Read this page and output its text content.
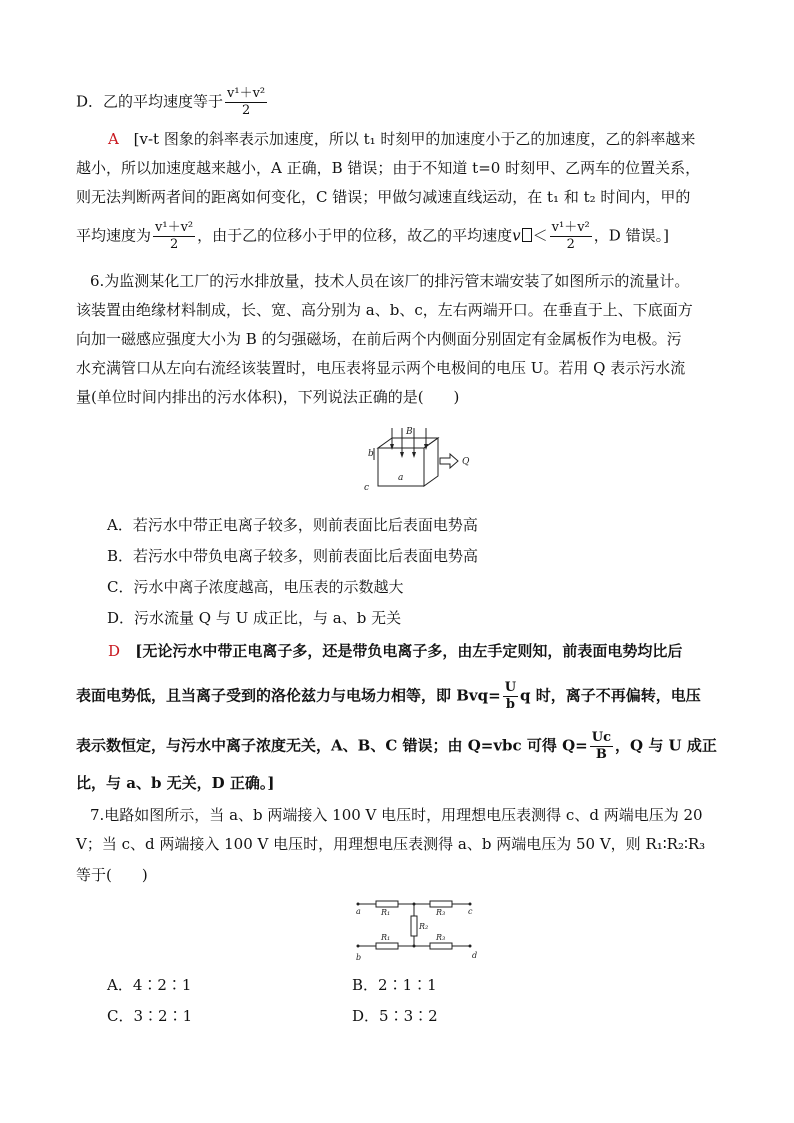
D．乙的平均速度等于 $\frac{\text{v¹＋v²}}{2}$
A [v-t 图象的斜率表示加速度，所以 t₁ 时刻甲的加速度小于乙的加速度，乙的斜率越来
越小，所以加速度越来越小，A 正确，B 错误；由于不知道 t=0 时刻甲、乙两车的位置关系，
则无法判断两者间的距离如何变化，C 错误；甲做匀减速直线运动，在 t₁ 和 t₂ 时间内，甲的
平均速度为 $\frac{\text{v¹＋v²}}{2}$ ，由于乙的位移小于甲的位移，故乙的平均速度$v < \frac{\text{v¹＋v²}}{2}$ ，D 错误。]
6.为监测某化工厂的污水排放量，技术人员在该厂的排污管末端安装了如图所示的流量计。
该装置由绝缘材料制成，长、宽、高分别为 a、b、c，左右两端开口。在垂直于上、下底面方
向加一磁感应强度大小为 B 的匀强磁场，在前后两个内侧面分别固定有金属板作为电极。污
水充满管口从左向右流经该装置时，电压表将显示两个电极间的电压 U。若用 Q 表示污水流
量(单位时间内排出的污水体积)，下列说法正确的是(　　)
B
b
a
c
Q
A．若污水中带正电离子较多，则前表面比后表面电势高
B．若污水中带负电离子较多，则前表面比后表面电势高
C．污水中离子浓度越高，电压表的示数越大
D．污水流量 Q 与 U 成正比，与 a、b 无关
D [无论污水中带正电离子多，还是带负电离子多，由左手定则知，前表面电势均比后
表面电势低，且当离子受到的洛伦兹力与电场力相等，即 $Bvq= \frac{U}{b}$ q 时，离子不再偏转，电压
表示数恒定，与污水中离子浓度无关，A、B、C 错误；由 Q=vbc 可得 $Q= \frac{Uc}{B}$ ，Q 与 U 成正
比，与 a、b 无关，D 正确。]
7.电路如图所示，当 a、b 两端接入 100 V 电压时，用理想电压表测得 c、d 两端电压为 20
V；当 c、d 两端接入 100 V 电压时，用理想电压表测得 a、b 两端电压为 50 V，则 R₁∶R₂∶R₃
等于(　　)
a	R₁	R₃	c
R₂
R₁	R₃
b	d
A．4∶2∶1	B．2∶1∶1
C．3∶2∶1	D．5∶3∶2
